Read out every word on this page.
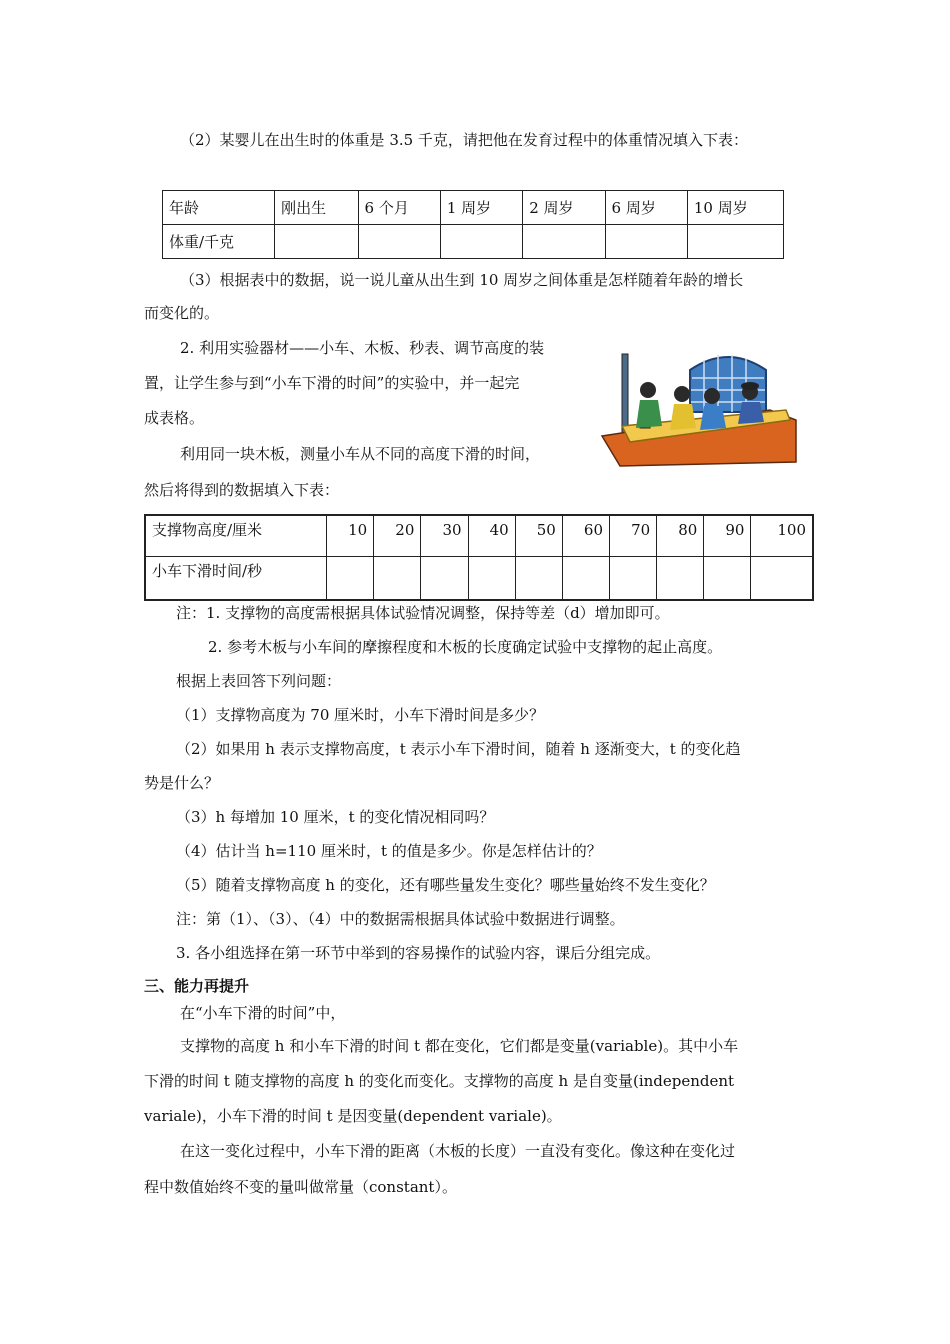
（2）某婴儿在出生时的体重是 3.5 千克，请把他在发育过程中的体重情况填入下表：
年龄	刚出生	6 个月	1 周岁	2 周岁	6 周岁	10 周岁
体重/千克						
（3）根据表中的数据，说一说儿童从出生到 10 周岁之间体重是怎样随着年龄的增长
而变化的。
2. 利用实验器材——小车、木板、秒表、调节高度的装
置，让学生参与到“小车下滑的时间”的实验中，并一起完
成表格。
利用同一块木板，测量小车从不同的高度下滑的时间，
然后将得到的数据填入下表：
支撑物高度/厘米	10	20	30	40	50	60	70	80	90	100
小车下滑时间/秒										
注：1. 支撑物的高度需根据具体试验情况调整，保持等差（d）增加即可。
2. 参考木板与小车间的摩擦程度和木板的长度确定试验中支撑物的起止高度。
根据上表回答下列问题：
（1）支撑物高度为 70 厘米时，小车下滑时间是多少？
（2）如果用 h 表示支撑物高度，t 表示小车下滑时间，随着 h 逐渐变大，t 的变化趋
势是什么？
（3）h 每增加 10 厘米，t 的变化情况相同吗？
（4）估计当 h=110 厘米时，t 的值是多少。你是怎样估计的？
（5）随着支撑物高度 h 的变化，还有哪些量发生变化？哪些量始终不发生变化？
注：第（1）、（3）、（4）中的数据需根据具体试验中数据进行调整。
3. 各小组选择在第一环节中举到的容易操作的试验内容，课后分组完成。
三、能力再提升
在“小车下滑的时间”中，
支撑物的高度 h 和小车下滑的时间 t 都在变化，它们都是变量(variable)。其中小车
下滑的时间 t 随支撑物的高度 h 的变化而变化。支撑物的高度 h 是自变量(independent
variale)，小车下滑的时间 t 是因变量(dependent variale)。
在这一变化过程中，小车下滑的距离（木板的长度）一直没有变化。像这种在变化过
程中数值始终不变的量叫做常量（constant）。
